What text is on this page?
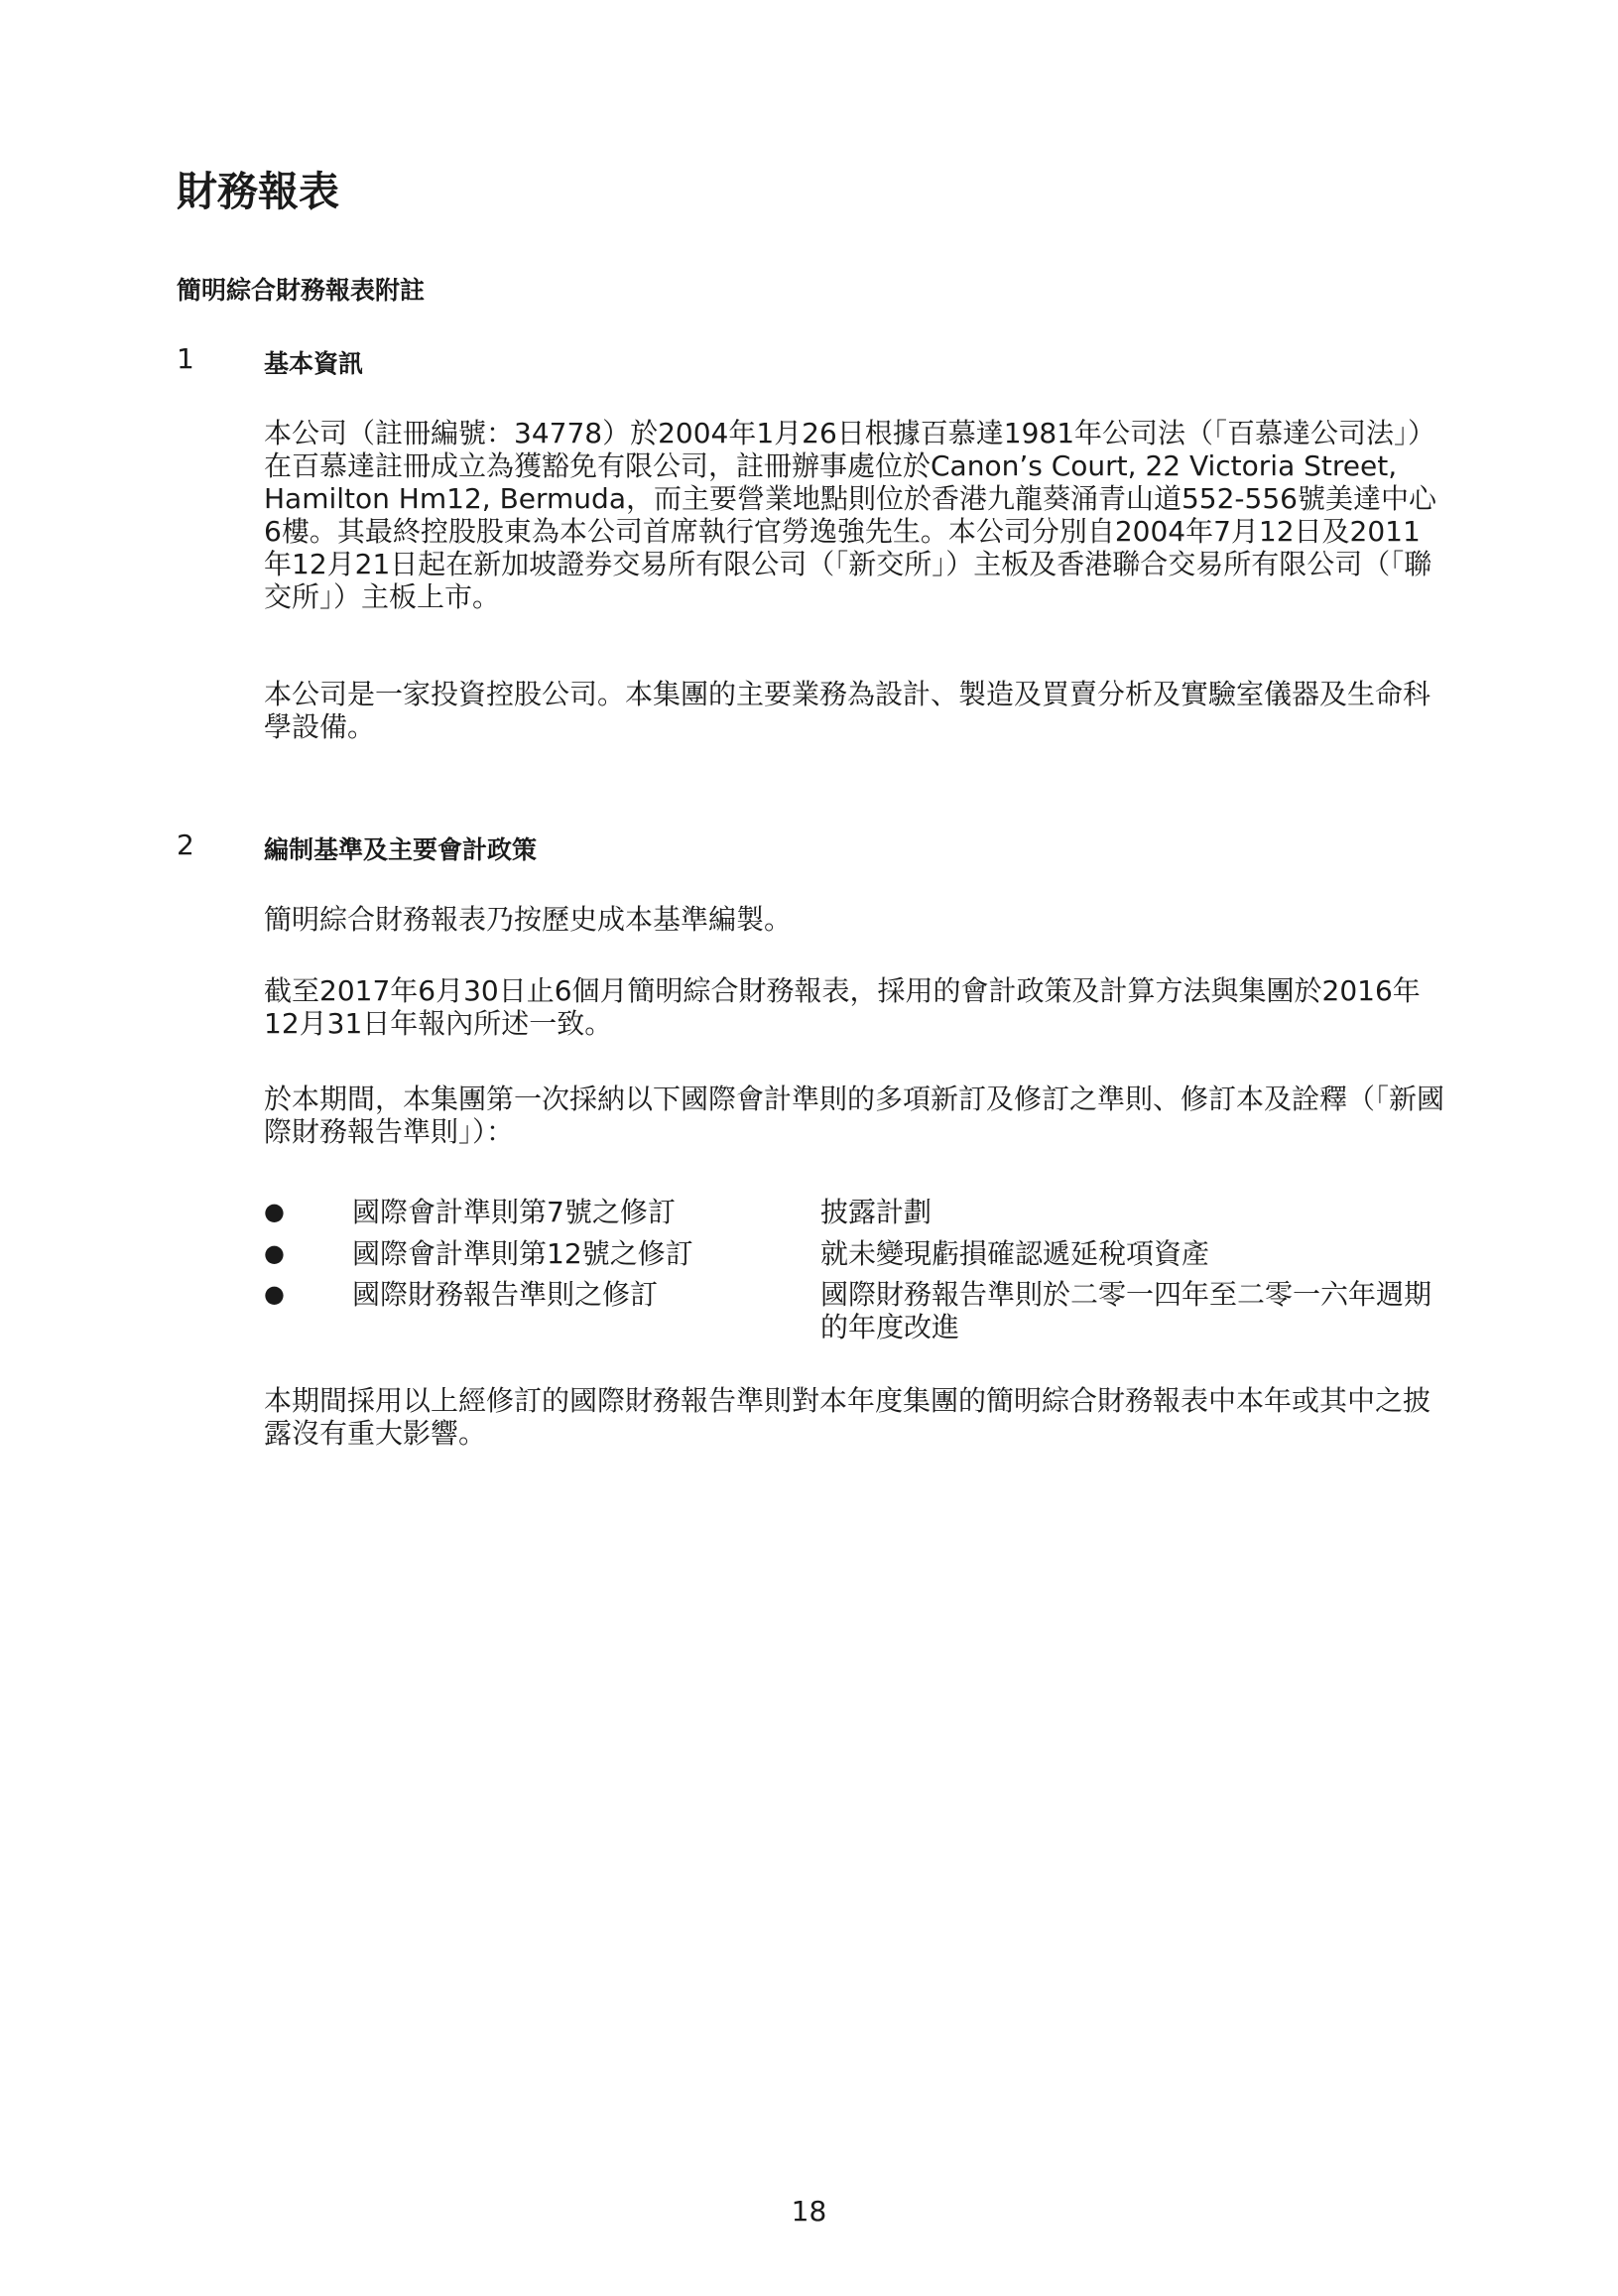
財務報表
簡明綜合財務報表附註
1	基本資訊

本公司（註冊編號：34778）於2004年1月26日根據百慕達1981年公司法（「百慕達公司法」）在百慕達註冊成立為獲豁免有限公司，註冊辦事處位於Canon’s Court, 22 Victoria Street, Hamilton Hm12, Bermuda，而主要營業地點則位於香港九龍葵涌青山道552-556號美達中心6樓。其最終控股股東為本公司首席執行官勞逸強先生。本公司分別自2004年7月12日及2011年12月21日起在新加坡證券交易所有限公司（「新交所」）主板及香港聯合交易所有限公司（「聯交所」）主板上市。

本公司是一家投資控股公司。本集團的主要業務為設計、製造及買賣分析及實驗室儀器及生命科學設備。

2	編制基準及主要會計政策

簡明綜合財務報表乃按歷史成本基準編製。

截至2017年6月30日止6個月簡明綜合財務報表，採用的會計政策及計算方法與集團於2016年12月31日年報內所述一致。

於本期間，本集團第一次採納以下國際會計準則的多項新訂及修訂之準則、修訂本及詮釋（「新國際財務報告準則」）：

● 國際會計準則第7號之修訂	披露計劃
● 國際會計準則第12號之修訂	就未變現虧損確認遞延稅項資產
● 國際財務報告準則之修訂	國際財務報告準則於二零一四年至二零一六年週期的年度改進

本期間採用以上經修訂的國際財務報告準則對本年度集團的簡明綜合財務報表中本年或其中之披露沒有重大影響。

18
